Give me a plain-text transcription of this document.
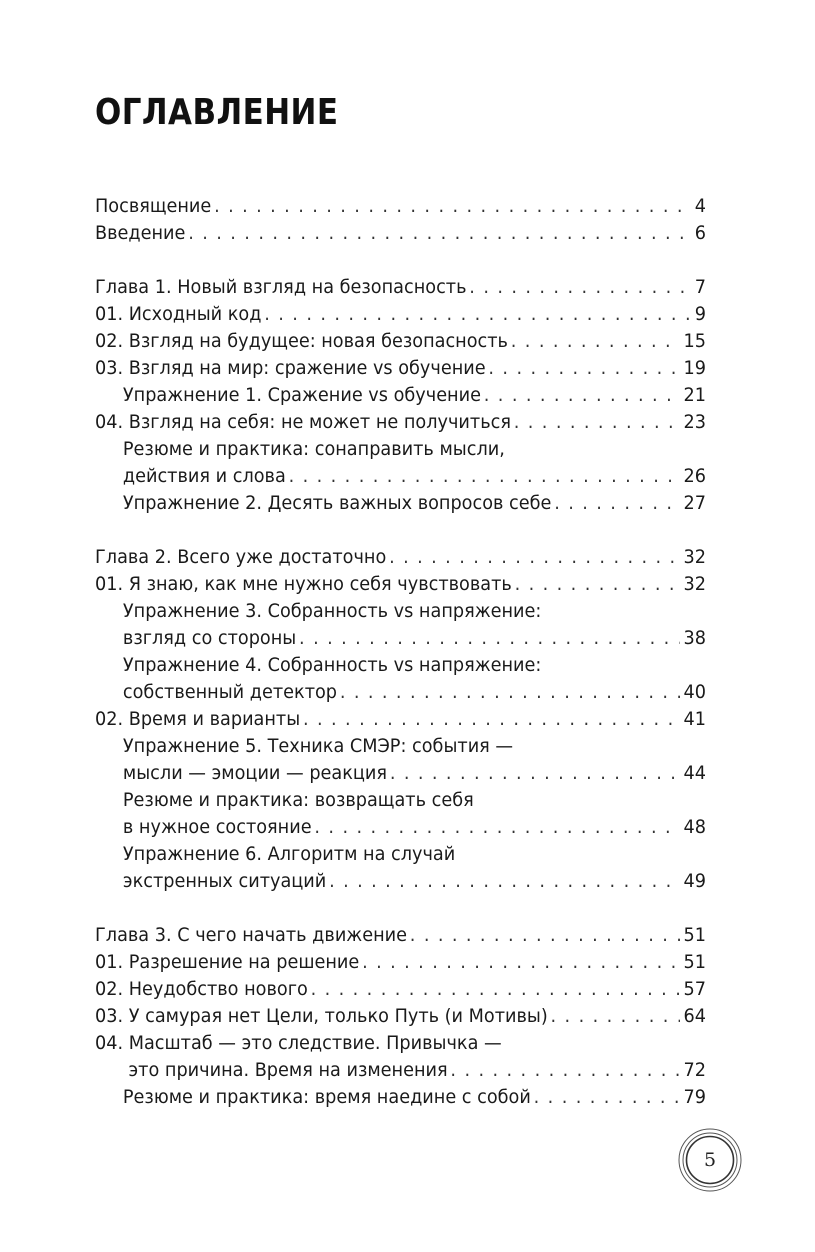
ОГЛАВЛЕНИЕ
Посвящение . . .	4
Введение . . .	6
Глава 1. Новый взгляд на безопасность . . .	7
01. Исходный код . . .	9
02. Взгляд на будущее: новая безопасность . . .	15
03. Взгляд на мир: сражение vs обучение . . .	19
Упражнение 1. Сражение vs обучение . . .	21
04. Взгляд на себя: не может не получиться . . .	23
Резюме и практика: сонаправить мысли,
действия и слова . . .	26
Упражнение 2. Десять важных вопросов себе . . .	27
Глава 2. Всего уже достаточно . . .	32
01. Я знаю, как мне нужно себя чувствовать . . .	32
Упражнение 3. Собранность vs напряжение:
взгляд со стороны . . .	38
Упражнение 4. Собранность vs напряжение:
собственный детектор . . .	40
02. Время и варианты . . .	41
Упражнение 5. Техника СМЭР: события —
мысли — эмоции — реакция . . .	44
Резюме и практика: возвращать себя
в нужное состояние . . .	48
Упражнение 6. Алгоритм на случай
экстренных ситуаций . . .	49
Глава 3. С чего начать движение . . .	51
01. Разрешение на решение . . .	51
02. Неудобство нового . . .	57
03. У самурая нет Цели, только Путь (и Мотивы) . . .	64
04. Масштаб — это следствие. Привычка —
это причина. Время на изменения . . .	72
Резюме и практика: время наедине с собой . . .	79
5
